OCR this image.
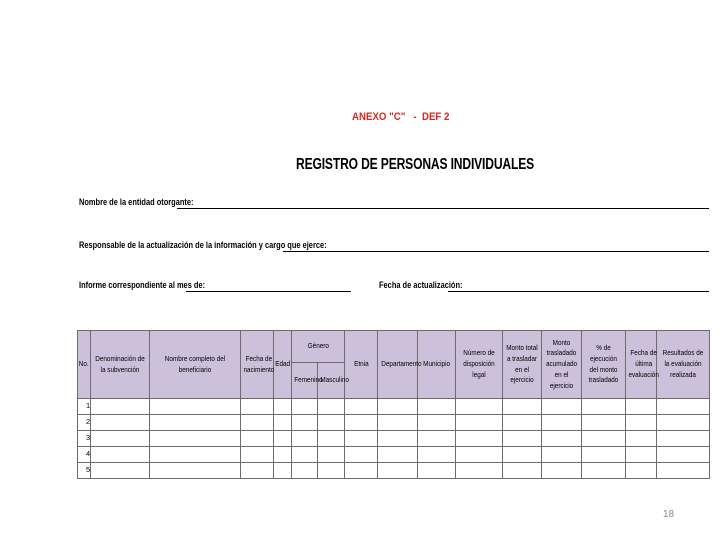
ANEXO "C"   -  DEF 2
REGISTRO DE PERSONAS INDIVIDUALES
Nombre de la entidad otorgante:
Responsable de la actualización de la información y cargo que ejerce:
Informe correspondiente al mes de:	Fecha de actualización:
No.	Denominación de la subvención	Nombre completo del beneficiario	Fecha de nacimiento	Edad	Género		Etnia	Departamento	Municipio	Número de disposición legal	Monto total a trasladar en el ejercicio	Monto trasladado acumulado en el ejercicio	% de ejecución del monto trasladado	Fecha de última evaluación	Resultados de la evaluación realizada
					Femenino	Masculino									
1															
2															
3															
4															
5															
18
